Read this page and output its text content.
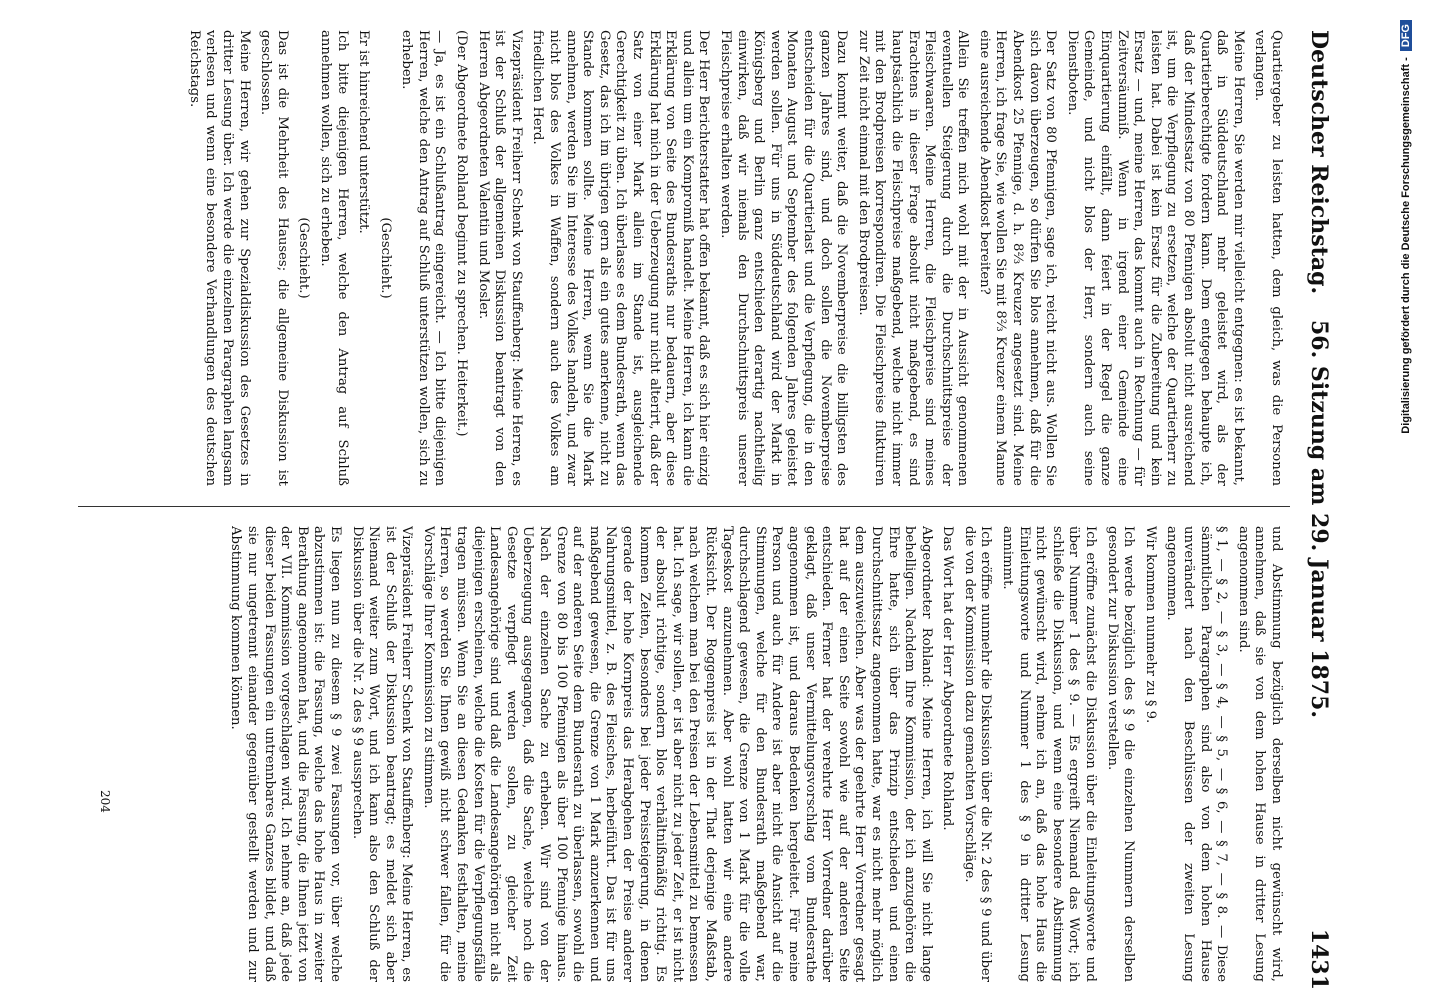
Deutscher Reichstag.
56. Sitzung am 29. Januar 1875.
1431

Quartiergeber zu leisten hatten, dem gleich, was die Personen verlangen.

Meine Herren, Sie werden mir vielleicht entgegnen: es ist bekannt, daß in Süddeutschland mehr geleistet wird, als der Quartierberechtigte fordern kann. Dem entgegen behaupte ich, daß der Mindestsatz von 80 Pfennigen absolut nicht ausreichend ist, um die Verpflegung zu ersetzen, welche der Quartierherr zu leisten hat. Dabei ist kein Ersatz für die Zubereitung und kein Ersatz — und, meine Herren, das kommt auch in Rechnung — für Zeitversäumniß. Wenn in irgend einer Gemeinde eine Einquartierung einfällt, dann feiert in der Regel die ganze Gemeinde, und nicht blos der Herr, sondern auch seine Dienstboten.

Der Satz von 80 Pfennigen, sage ich, reicht nicht aus. Wollen Sie sich davon überzeugen, so dürfen Sie blos annehmen, daß für die Abendkost 25 Pfennige, d. h. 8⅔ Kreuzer angesetzt sind. Meine Herren, ich frage Sie, wie wollen Sie mit 8⅔ Kreuzer einem Manne eine ausreichende Abendkost bereiten?

Allein Sie treffen mich wohl mit der in Aussicht genommenen eventuellen Steigerung durch die Durchschnittspreise der Fleischwaaren. Meine Herren, die Fleischpreise sind meines Erachtens in dieser Frage absolut nicht maßgebend, es sind hauptsächlich die Fleischpreise maßgebend, welche nicht immer mit den Brodpreisen korrespondiren. Die Fleischpreise fluktuiren zur Zeit nicht einmal mit den Brodpreisen.

Dazu kommt weiter, daß die Novemberpreise die billigsten des ganzen Jahres sind, und doch sollen die Novemberpreise entscheiden für die Quartierlast und die Verpflegung, die in den Monaten August und September des folgenden Jahres geleistet werden sollen. Für uns in Süddeutschland wird der Markt in Königsberg und Berlin ganz entschieden derartig nachtheilig einwirken, daß wir niemals den Durchschnittspreis unserer Fleischpreise erhalten werden.

Der Herr Berichterstatter hat offen bekannt, daß es sich hier einzig und allein um ein Kompromiß handelt. Meine Herren, ich kann die Erklärung von Seite des Bundesraths nur bedauern, aber diese Erklärung hat mich in der Ueberzeugung nur nicht alterirt, daß der Satz von einer Mark allein im Stande ist, ausgleichende Gerechtigkeit zu üben. Ich überlasse es dem Bundesrath, wenn das Gesetz, das ich im übrigen gern als ein gutes anerkenne, nicht zu Stande kommen sollte. Meine Herren, wenn Sie die Mark annehmen, werden Sie im Interesse des Volkes handeln, und zwar nicht blos des Volkes in Waffen, sondern auch des Volkes am friedlichen Herd.

Vizepräsident Freiherr Schenk von Stauffenberg: Meine Herren, es ist der Schluß der allgemeinen Diskussion beantragt von den Herren Abgeordneten Valentin und Mosler.

(Der Abgeordnete Rohland beginnt zu sprechen. Heiterkeit.)

— Ja, es ist ein Schlußantrag eingereicht. — Ich bitte diejenigen Herren, welche den Antrag auf Schluß unterstützen wollen, sich zu erheben.

(Geschieht.)

Er ist hinreichend unterstützt.

Ich bitte diejenigen Herren, welche den Antrag auf Schluß annehmen wollen, sich zu erheben.

(Geschieht.)

Das ist die Mehrheit des Hauses; die allgemeine Diskussion ist geschlossen.

Meine Herren, wir gehen zur Spezialdiskussion des Gesetzes in dritter Lesung über. Ich werde die einzelnen Paragraphen langsam verlesen und wenn eine besondere Verhandlungen des deutschen Reichstags.

und Abstimmung bezüglich derselben nicht gewünscht wird, annehmen, daß sie von dem hohen Hause in dritter Lesung angenommen sind.

§ 1, — § 2, — § 3, — § 4, — § 5, — § 6, — § 7, — § 8. — Diese sämmtlichen Paragraphen sind also von dem hohen Hause unverändert nach den Beschlüssen der zweiten Lesung angenommen.

Wir kommen nunmehr zu § 9.

Ich werde bezüglich des § 9 die einzelnen Nummern derselben gesondert zur Diskussion verstellen.

Ich eröffne zunächst die Diskussion über die Einleitungsworte und über Nummer 1 des § 9. — Es ergreift Niemand das Wort; ich schließe die Diskussion, und wenn eine besondere Abstimmung nicht gewünscht wird, nehme ich an, daß das hohe Haus die Einleitungsworte und Nummer 1 des § 9 in dritter Lesung annimmt.

Ich eröffne nunmehr die Diskussion über die Nr. 2 des § 9 und über die von der Kommission dazu gemachten Vorschläge.

Das Wort hat der Herr Abgeordnete Rohland.

Abgeordneter Rohland: Meine Herren, ich will Sie nicht lange behelligen. Nachdem Ihre Kommission, der ich anzugehören die Ehre hatte, sich über das Prinzip entschieden und einen Durchschnittssatz angenommen hatte, war es nicht mehr möglich dem auszuweichen. Aber was der geehrte Herr Vorredner gesagt hat auf der einen Seite sowohl wie auf der anderen Seite entschieden. Ferner hat der verehrte Herr Vorredner darüber geklagt, daß unser Vermittelungsvorschlag vom Bundesrathe angenommen ist, und daraus Bedenken hergeleitet. Für meine Person und auch für Andere ist aber nicht die Ansicht auf die Stimmungen, welche für den Bundesrath maßgebend war, durchschlagend gewesen, die Grenze von 1 Mark für die volle Tageskost anzunehmen. Aber wohl hatten wir eine andere Rücksicht. Der Roggenpreis ist in der That derjenige Maßstab, nach welchem man bei den Preisen der Lebensmittel zu bemessen hat. Ich sage, wir sollen, er ist aber nicht zu jeder Zeit, er ist nicht der absolut richtige, sondern blos verhältnißmäßig richtig. Es kommen Zeiten, besonders bei jeder Preissteigerung, in denen gerade der hohe Kornpreis das Herabgehen der Preise anderer Nahrungsmittel, z. B. des Fleisches, herbeiführt. Das ist für uns maßgebend gewesen, die Grenze von 1 Mark anzuerkennen und auf der anderen Seite dem Bundesrath zu überlassen, sowohl die Grenze von 80 bis 100 Pfennigen als über 100 Pfennige hinaus. Nach der einzelnen Sache zu erheben. Wir sind von der Ueberzeugung ausgegangen, daß die Sache, welche noch die Gesetze verpflegt werden sollen, zu gleicher Zeit Landesangehörige sind und daß die Landesangehörigen nicht als diejenigen erscheinen, welche die Kosten für die Verpflegungsfälle tragen müssen. Wenn Sie an diesen Gedanken festhalten, meine Herren, so werden Sie Ihnen gewiß nicht schwer fallen, für die Vorschläge Ihrer Kommission zu stimmen.

Vizepräsident Freiherr Schenk von Stauffenberg: Meine Herren, es ist der Schluß der Diskussion beantragt; es meldet sich aber Niemand weiter zum Wort, und ich kann also den Schluß der Diskussion über die Nr. 2 des § 9 aussprechen.

Es liegen nun zu diesem § 9 zwei Fassungen vor, über welche abzustimmen ist: die Fassung, welche das hohe Haus in zweiter Berathung angenommen hat, und die Fassung, die Ihnen jetzt von der VII. Kommission vorgeschlagen wird. Ich nehme an, daß jede dieser beiden Fassungen ein untrennbares Ganzes bildet, und daß sie nur ungetrennt einander gegenüber gestellt werden und zur Abstimmung kommen können.

204
Digitalisierung gefördert durch die Deutsche Forschungsgemeinschaft -DFG
